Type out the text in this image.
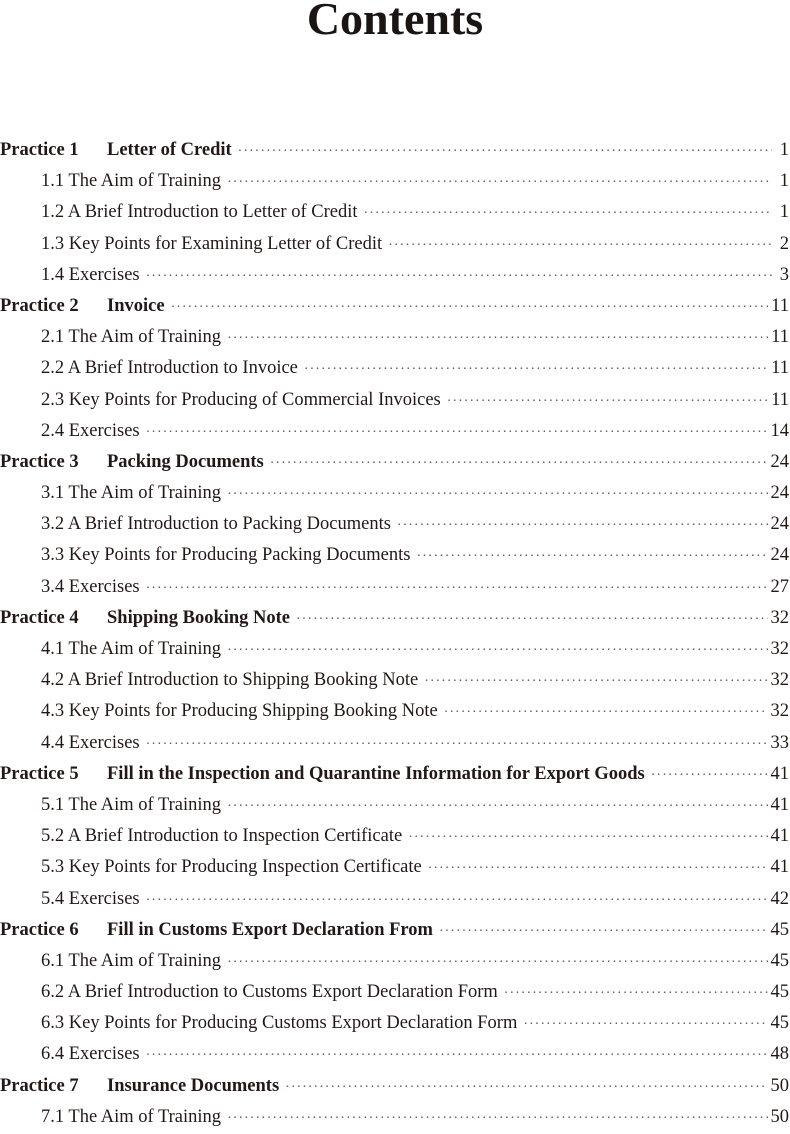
Contents
Practice 1	Letter of Credit ·····	1
1.1 The Aim of Training ·····	1
1.2 A Brief Introduction to Letter of Credit ·····	1
1.3 Key Points for Examining Letter of Credit ·····	2
1.4 Exercises ·····	3
Practice 2	Invoice ·····	11
2.1 The Aim of Training ·····	11
2.2 A Brief Introduction to Invoice ·····	11
2.3 Key Points for Producing of Commercial Invoices ·····	11
2.4 Exercises ·····	14
Practice 3	Packing Documents ·····	24
3.1 The Aim of Training ·····	24
3.2 A Brief Introduction to Packing Documents ·····	24
3.3 Key Points for Producing Packing Documents ·····	24
3.4 Exercises ·····	27
Practice 4	Shipping Booking Note ·····	32
4.1 The Aim of Training ·····	32
4.2 A Brief Introduction to Shipping Booking Note ·····	32
4.3 Key Points for Producing Shipping Booking Note ·····	32
4.4 Exercises ·····	33
Practice 5	Fill in the Inspection and Quarantine Information for Export Goods ·····	41
5.1 The Aim of Training ·····	41
5.2 A Brief Introduction to Inspection Certificate ·····	41
5.3 Key Points for Producing Inspection Certificate ·····	41
5.4 Exercises ·····	42
Practice 6	Fill in Customs Export Declaration From ·····	45
6.1 The Aim of Training ·····	45
6.2 A Brief Introduction to Customs Export Declaration Form ·····	45
6.3 Key Points for Producing Customs Export Declaration Form ·····	45
6.4 Exercises ·····	48
Practice 7	Insurance Documents ·····	50
7.1 The Aim of Training ·····	50
